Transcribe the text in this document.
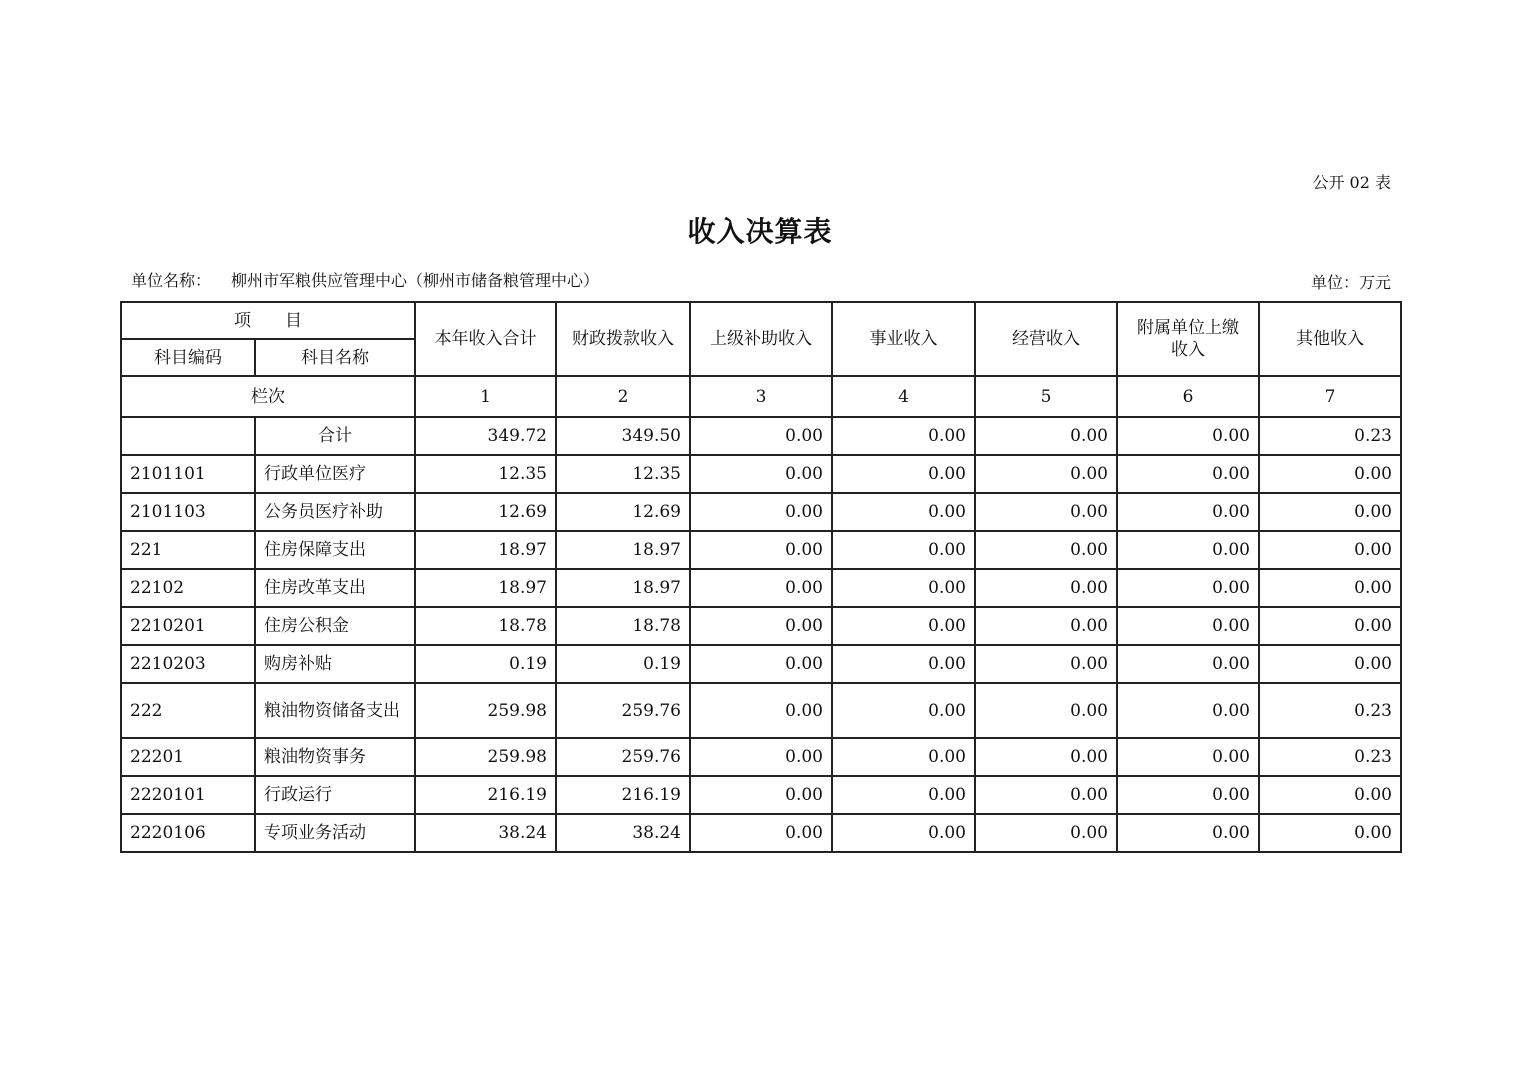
公开 02 表
收入决算表
单位名称： 柳州市军粮供应管理中心（柳州市储备粮管理中心）	单位：万元
项　　目		本年收入合计	财政拨款收入	上级补助收入	事业收入	经营收入	附属单位上缴收入	其他收入
科目编码	科目名称							
栏次		1	2	3	4	5	6	7
	合计	349.72	349.50	0.00	0.00	0.00	0.00	0.23
2101101	行政单位医疗	12.35	12.35	0.00	0.00	0.00	0.00	0.00
2101103	公务员医疗补助	12.69	12.69	0.00	0.00	0.00	0.00	0.00
221	住房保障支出	18.97	18.97	0.00	0.00	0.00	0.00	0.00
22102	住房改革支出	18.97	18.97	0.00	0.00	0.00	0.00	0.00
2210201	住房公积金	18.78	18.78	0.00	0.00	0.00	0.00	0.00
2210203	购房补贴	0.19	0.19	0.00	0.00	0.00	0.00	0.00
222	粮油物资储备支出	259.98	259.76	0.00	0.00	0.00	0.00	0.23
22201	粮油物资事务	259.98	259.76	0.00	0.00	0.00	0.00	0.23
2220101	行政运行	216.19	216.19	0.00	0.00	0.00	0.00	0.00
2220106	专项业务活动	38.24	38.24	0.00	0.00	0.00	0.00	0.00
